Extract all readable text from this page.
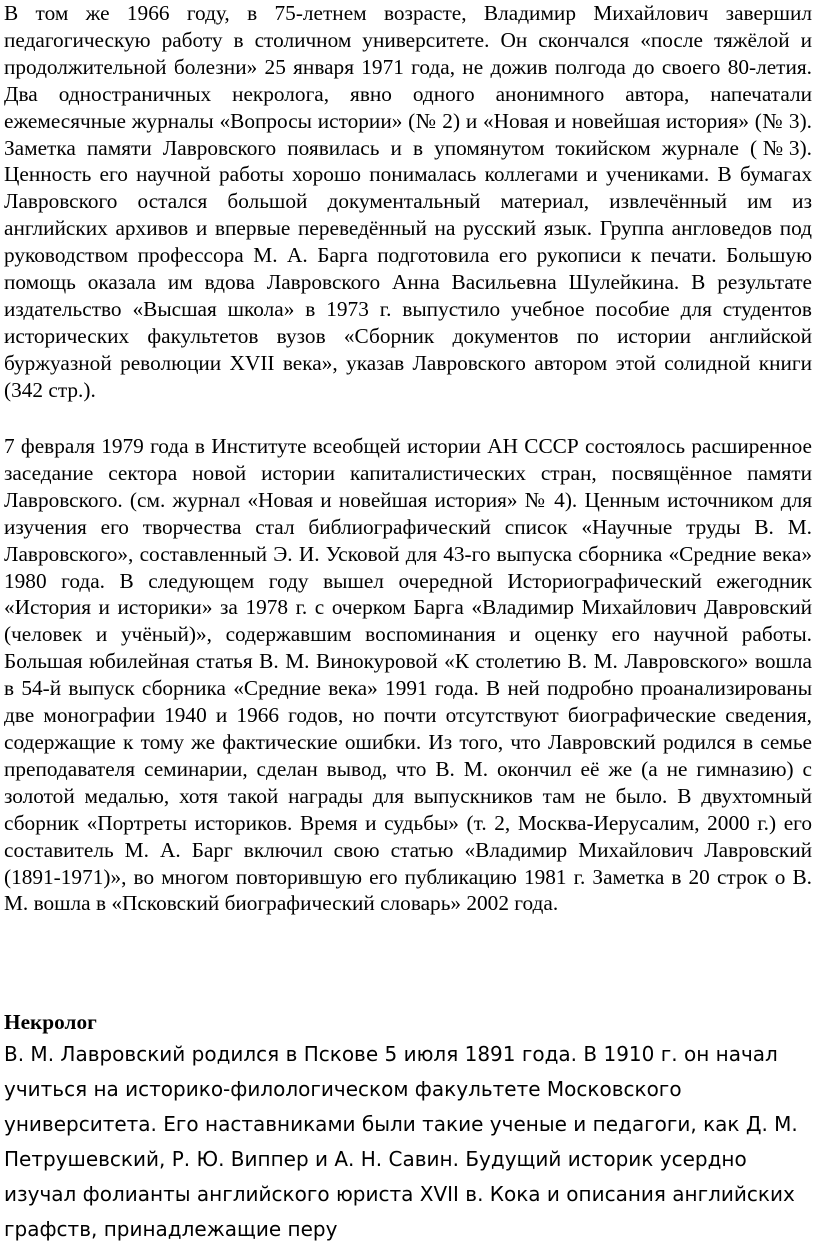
В том же 1966 году, в 75-летнем возрасте, Владимир Михайлович завершил педагогическую работу в столичном университете. Он скончался «после тяжёлой и продолжительной болезни» 25 января 1971 года, не дожив полгода до своего 80-летия. Два одностраничных некролога, явно одного анонимного автора, напечатали ежемесячные журналы «Вопросы истории» (№ 2) и «Новая и новейшая история» (№ 3). Заметка памяти Лавровского появилась и в упомянутом токийском журнале (№3). Ценность его научной работы хорошо понималась коллегами и учениками. В бумагах Лавровского остался большой документальный материал, извлечённый им из английских архивов и впервые переведённый на русский язык. Группа англоведов под руководством профессора М. А. Барга подготовила его рукописи к печати. Большую помощь оказала им вдова Лавровского Анна Васильевна Шулейкина. В результате издательство «Высшая школа» в 1973 г. выпустило учебное пособие для студентов исторических факультетов вузов «Сборник документов по истории английской буржуазной революции XVII века», указав Лавровского автором этой солидной книги (342 стр.).

7 февраля 1979 года в Институте всеобщей истории АН СССР состоялось расширенное заседание сектора новой истории капиталистических стран, посвящённое памяти Лавровского. (см. журнал «Новая и новейшая история» № 4). Ценным источником для изучения его творчества стал библиографический список «Научные труды В. М. Лавровского», составленный Э. И. Усковой для 43-го выпуска сборника «Средние века» 1980 года. В следующем году вышел очередной Историографический ежегодник «История и историки» за 1978 г. с очерком Барга «Владимир Михайлович Давровский (человек и учёный)», содержавшим воспоминания и оценку его научной работы. Большая юбилейная статья В. М. Винокуровой «К столетию В. М. Лавровского» вошла в 54-й выпуск сборника «Средние века» 1991 года. В ней подробно проанализированы две монографии 1940 и 1966 годов, но почти отсутствуют биографические сведения, содержащие к тому же фактические ошибки. Из того, что Лавровский родился в семье преподавателя семинарии, сделан вывод, что В. М. окончил её же (а не гимназию) с золотой медалью, хотя такой награды для выпускников там не было. В двухтомный сборник «Портреты историков. Время и судьбы» (т. 2, Москва-Иерусалим, 2000 г.) его составитель М. А. Барг включил свою статью «Владимир Михайлович Лавровский (1891-1971)», во многом повторившую его публикацию 1981 г. Заметка в 20 строк о В. М. вошла в «Псковский биографический словарь» 2002 года.

Некролог

В. М. Лавровский родился в Пскове 5 июля 1891 года. В 1910 г. он начал учиться на историко-филологическом факультете Московского университета. Его наставниками были такие ученые и педагоги, как Д. М. Петрушевский, Р. Ю. Виппер и А. Н. Савин. Будущий историк усердно изучал фолианты английского юриста XVII в. Кока и описания английских графств, принадлежащие перу
